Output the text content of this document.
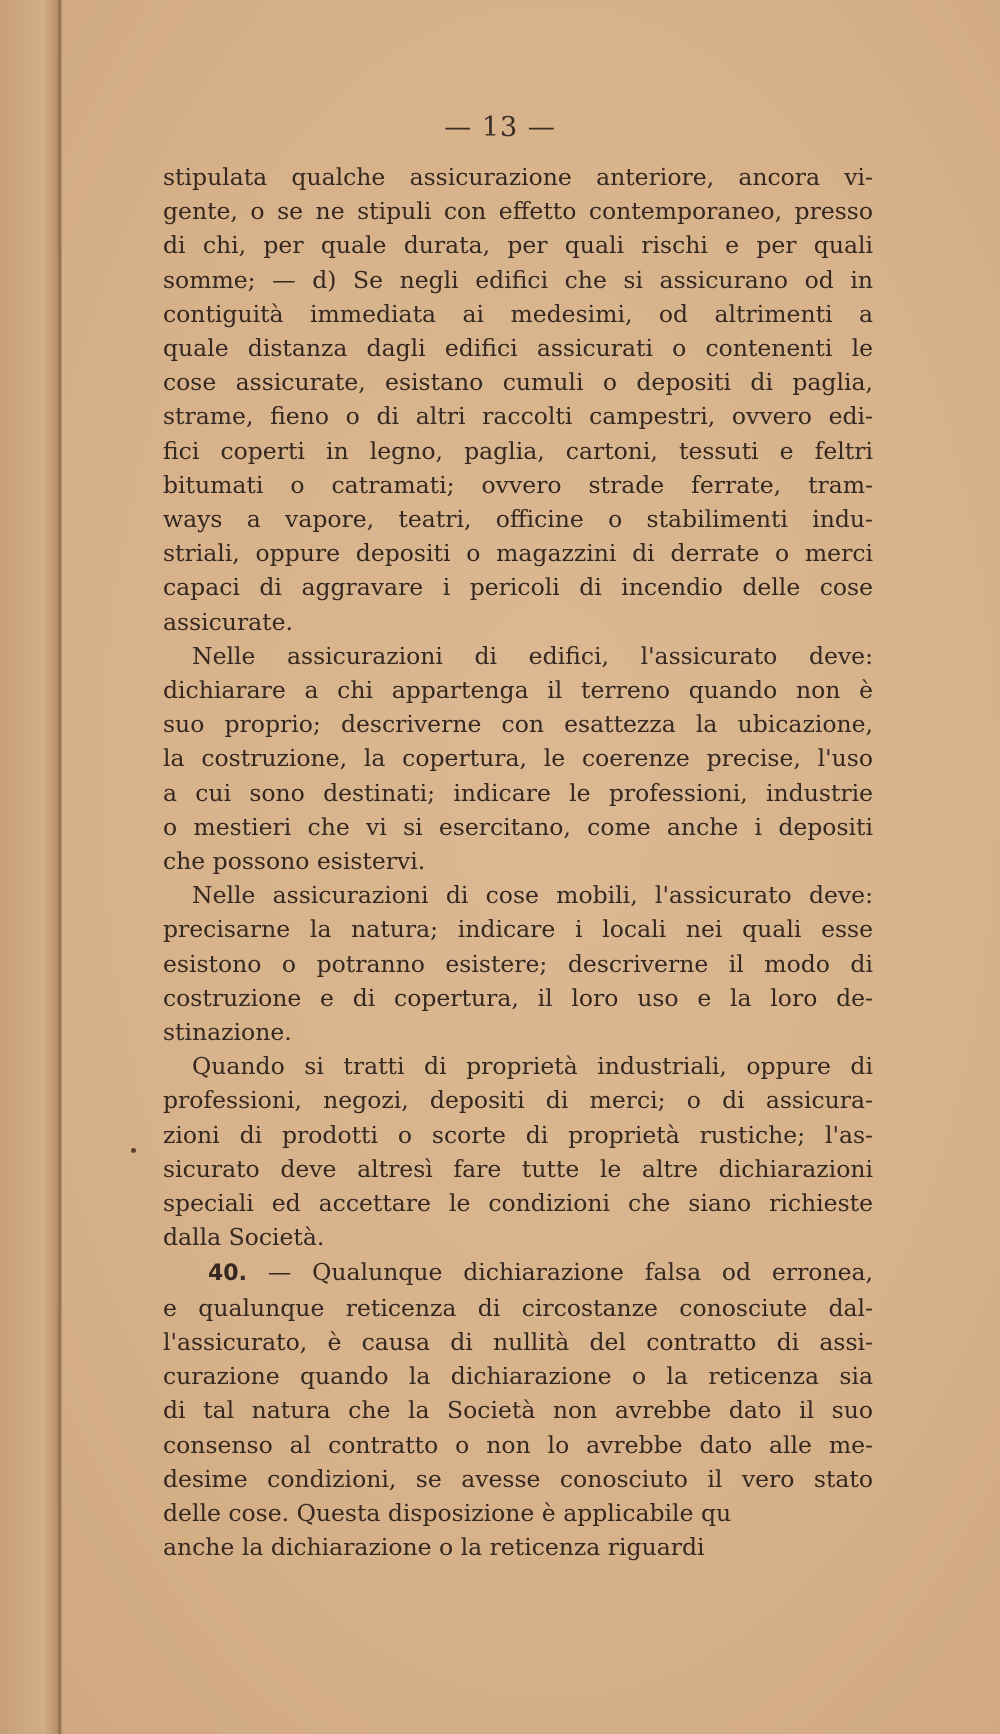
— 13 —
stipulata qualche assicurazione anteriore, ancora vi-
gente, o se ne stipuli con effetto contemporaneo, presso
di chi, per quale durata, per quali rischi e per quali
somme; — d) Se negli edifici che si assicurano od in
contiguità immediata ai medesimi, od altrimenti a
quale distanza dagli edifici assicurati o contenenti le
cose assicurate, esistano cumuli o depositi di paglia,
strame, fieno o di altri raccolti campestri, ovvero edi-
fici coperti in legno, paglia, cartoni, tessuti e feltri
bitumati o catramati; ovvero strade ferrate, tram-
ways a vapore, teatri, officine o stabilimenti indu-
striali, oppure depositi o magazzini di derrate o merci
capaci di aggravare i pericoli di incendio delle cose
assicurate.
Nelle assicurazioni di edifici, l'assicurato deve:
dichiarare a chi appartenga il terreno quando non è
suo proprio; descriverne con esattezza la ubicazione,
la costruzione, la copertura, le coerenze precise, l'uso
a cui sono destinati; indicare le professioni, industrie
o mestieri che vi si esercitano, come anche i depositi
che possono esistervi.
Nelle assicurazioni di cose mobili, l'assicurato deve:
precisarne la natura; indicare i locali nei quali esse
esistono o potranno esistere; descriverne il modo di
costruzione e di copertura, il loro uso e la loro de-
stinazione.
Quando si tratti di proprietà industriali, oppure di
professioni, negozi, depositi di merci; o di assicura-
zioni di prodotti o scorte di proprietà rustiche; l'as-
sicurato deve altresì fare tutte le altre dichiarazioni
speciali ed accettare le condizioni che siano richieste
dalla Società.
40. — Qualunque dichiarazione falsa od erronea,
e qualunque reticenza di circostanze conosciute dal-
l'assicurato, è causa di nullità del contratto di assi-
curazione quando la dichiarazione o la reticenza sia
di tal natura che la Società non avrebbe dato il suo
consenso al contratto o non lo avrebbe dato alle me-
desime condizioni, se avesse conosciuto il vero stato
delle cose. Questa disposizione è applicabile qu
anche la dichiarazione o la reticenza riguardi
